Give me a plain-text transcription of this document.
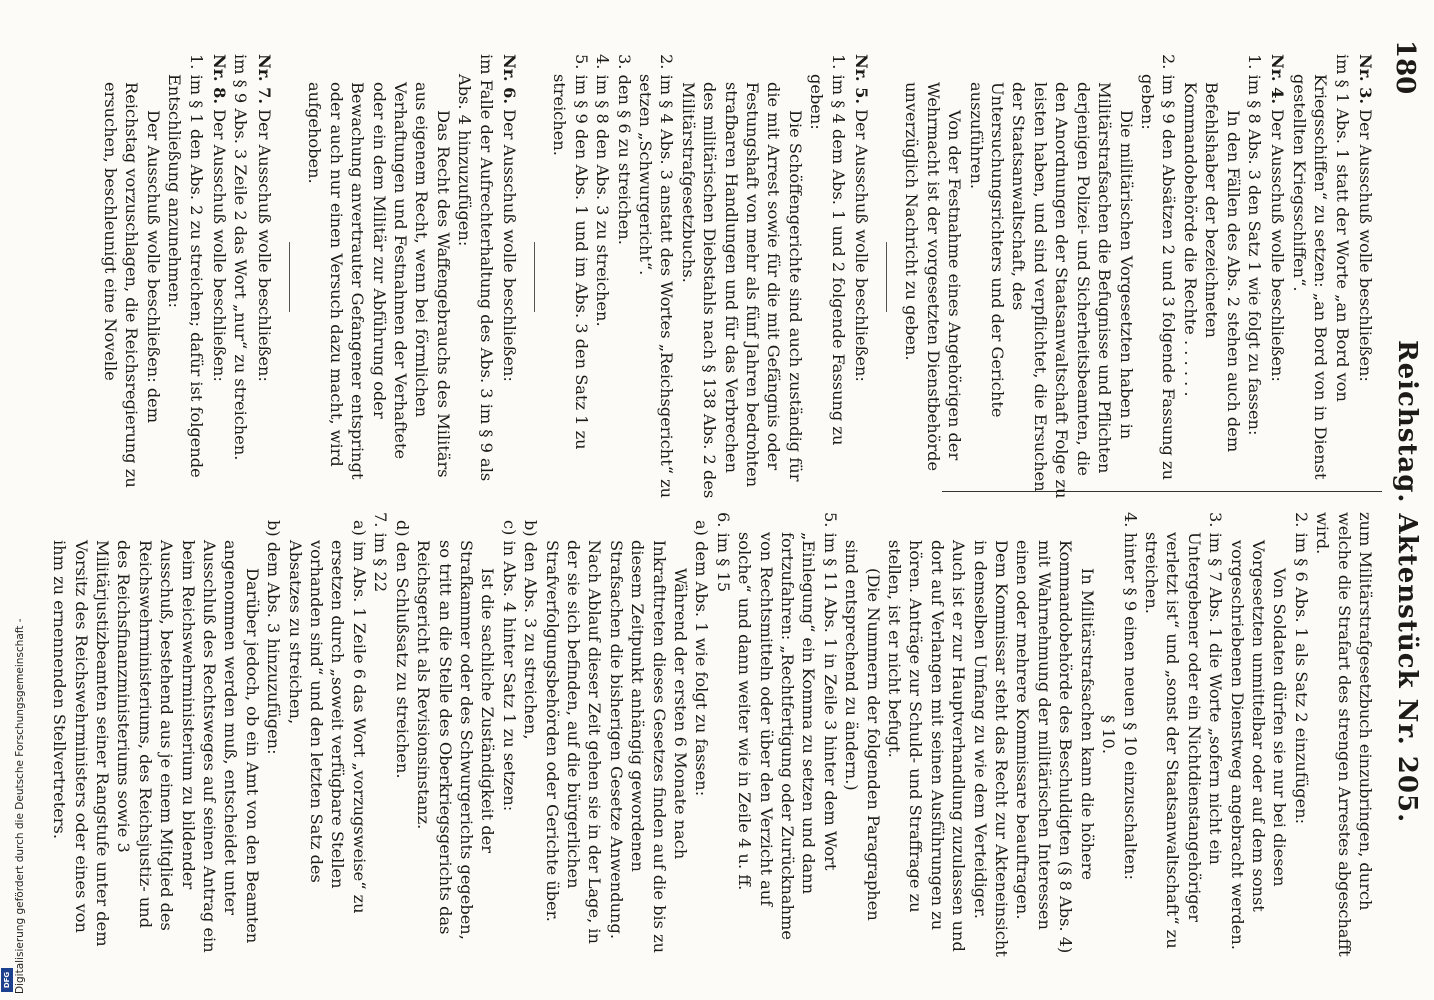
180
Reichstag. Aktenstück Nr. 205.
Nr. 3. Der Ausschuß wolle beschließen:
im § 1 Abs. 1 statt der Worte „an Bord von Kriegsschiffen“ zu setzen: „an Bord von in Dienst gestellten Kriegsschiffen“.
Nr. 4. Der Ausschuß wolle beschließen:
1. im § 8 Abs. 3 den Satz 1 wie folgt zu fassen:
In den Fällen des Abs. 2 stehen auch dem Befehlshaber der bezeichneten Kommandobehörde die Rechte . . . . . .
2. im § 9 den Absätzen 2 und 3 folgende Fassung zu geben:
Die militärischen Vorgesetzten haben in Militärstrafsachen die Befugnisse und Pflichten derjenigen Polizei- und Sicherheitsbeamten, die den Anordnungen der Staatsanwaltschaft Folge zu leisten haben, und sind verpflichtet, die Ersuchen der Staatsanwaltschaft, des Untersuchungsrichters und der Gerichte auszuführen.
Von der Festnahme eines Angehörigen der Wehrmacht ist der vorgesetzten Dienstbehörde unverzüglich Nachricht zu geben.
Nr. 5. Der Ausschuß wolle beschließen:
1. im § 4 dem Abs. 1 und 2 folgende Fassung zu geben:
Die Schöffengerichte sind auch zuständig für die mit Arrest sowie für die mit Gefängnis oder Festungshaft von mehr als fünf Jahren bedrohten strafbaren Handlungen und für das Verbrechen des militärischen Diebstahls nach § 138 Abs. 2 des Militärstrafgesetzbuchs.
2. im § 4 Abs. 3 anstatt des Wortes „Reichsgericht“ zu setzen „Schwurgericht“.
3. den § 6 zu streichen.
4. im § 8 den Abs. 3 zu streichen.
5. im § 9 den Abs. 1 und im Abs. 3 den Satz 1 zu streichen.
Nr. 6. Der Ausschuß wolle beschließen:
im Falle der Aufrechterhaltung des Abs. 3 im § 9 als Abs. 4 hinzuzufügen:
Das Recht des Waffengebrauchs des Militärs aus eigenem Recht, wenn bei förmlichen Verhaftungen und Festnahmen der Verhaftete oder ein dem Militär zur Abführung oder Bewachung anvertrauter Gefangener entspringt oder auch nur einen Versuch dazu macht, wird aufgehoben.
Nr. 7. Der Ausschuß wolle beschließen:
im § 9 Abs. 3 Zeile 2 das Wort „nur“ zu streichen.
Nr. 8. Der Ausschuß wolle beschließen:
1. im § 1 den Abs. 2 zu streichen; dafür ist folgende Entschließung anzunehmen:
Der Ausschuß wolle beschließen: dem Reichstag vorzuschlagen, die Reichsregierung zu ersuchen, beschleunigt eine Novelle
zum Militärstrafgesetzbuch einzubringen, durch welche die Strafart des strengen Arrestes abgeschafft wird.
2. im § 6 Abs. 1 als Satz 2 einzufügen:
Von Soldaten dürfen sie nur bei diesen Vorgesetzten unmittelbar oder auf dem sonst vorgeschriebenen Dienstweg angebracht werden.
3. im § 7 Abs. 1 die Worte „sofern nicht ein Untergebener oder ein Nichtdienstangehöriger verletzt ist“ und „sonst der Staatsanwaltschaft“ zu streichen.
4. hinter § 9 einen neuen § 10 einzuschalten:
§ 10.
In Militärstrafsachen kann die höhere Kommandobehörde des Beschuldigten (§ 8 Abs. 4) mit Wahrnehmung der militärischen Interessen einen oder mehrere Kommissare beauftragen. Dem Kommissar steht das Recht zur Akteneinsicht in demselben Umfang zu wie dem Verteidiger. Auch ist er zur Hauptverhandlung zuzulassen und dort auf Verlangen mit seinen Ausführungen zu hören. Anträge zur Schuld- und Straffrage zu stellen, ist er nicht befugt.
(Die Nummern der folgenden Paragraphen sind entsprechend zu ändern.)
5. im § 11 Abs. 1 in Zeile 3 hinter dem Wort „Einlegung“ ein Komma zu setzen und dann fortzufahren: „Rechtfertigung oder Zurücknahme von Rechtsmitteln oder über den Verzicht auf solche“ und dann weiter wie in Zeile 4 u. ff.
6. im § 15
a) dem Abs. 1 wie folgt zu fassen:
Während der ersten 6 Monate nach Inkrafttreten dieses Gesetzes finden auf die bis zu diesem Zeitpunkt anhängig gewordenen Strafsachen die bisherigen Gesetze Anwendung. Nach Ablauf dieser Zeit gehen sie in der Lage, in der sie sich befinden, auf die bürgerlichen Strafverfolgungsbehörden oder Gerichte über.
b) den Abs. 3 zu streichen,
c) in Abs. 4 hinter Satz 1 zu setzen:
Ist die sachliche Zuständigkeit der Strafkammer oder des Schwurgerichts gegeben, so tritt an die Stelle des Oberkriegsgerichts das Reichsgericht als Revisionsinstanz.
d) den Schlußsatz zu streichen.
7. im § 22
a) im Abs. 1 Zeile 6 das Wort „vorzugsweise“ zu ersetzen durch „soweit verfügbare Stellen vorhanden sind“ und den letzten Satz des Absatzes zu streichen,
b) dem Abs. 3 hinzuzufügen:
Darüber jedoch, ob ein Amt von den Beamten angenommen werden muß, entscheidet unter Ausschluß des Rechtsweges auf seinen Antrag ein beim Reichswehrministerium zu bildender Ausschuß, bestehend aus je einem Mitglied des Reichswehrministeriums, des Reichsjustiz- und des Reichsfinanzministeriums sowie 3 Militärjustizbeamten seiner Rangstufe unter dem Vorsitz des Reichswehrministers oder eines von ihm zu ernennenden Stellvertreters.
Digitalisierung gefördert durch die Deutsche Forschungsgemeinschaft -
DFG
